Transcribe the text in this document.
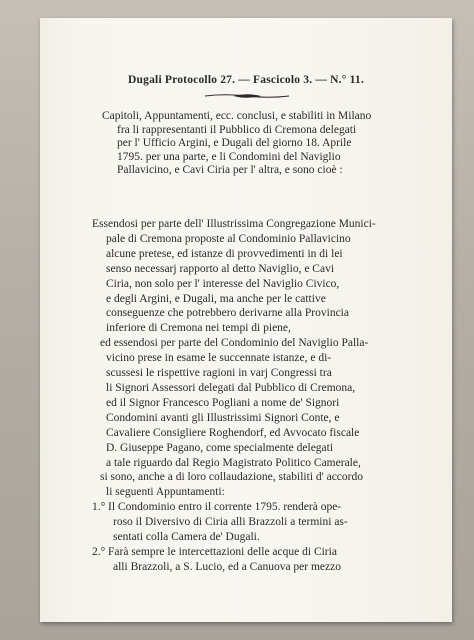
Dugali Protocollo 27. — Fascicolo 3. — N.° 11.
Capitoli, Appuntamenti, ecc. conclusi, e stabiliti in Milano
fra li rappresentanti il Pubblico di Cremona delegati
per l' Ufficio Argini, e Dugali del giorno 18. Aprile
1795. per una parte, e li Condomini del Naviglio
Pallavicino, e Cavi Ciria per l' altra, e sono cioè :
Essendosi per parte dell' Illustrissima Congregazione Munici-
pale di Cremona proposte al Condominio Pallavicino
alcune pretese, ed istanze di provvedimenti in di lei
senso necessarj rapporto al detto Naviglio, e Cavi
Ciria, non solo per l' interesse del Naviglio Civico,
e degli Argini, e Dugali, ma anche per le cattive
conseguenze che potrebbero derivarne alla Provincia
inferiore di Cremona nei tempi di piene,
ed essendosi per parte del Condominio del Naviglio Palla-
vicino prese in esame le succennate istanze, e di-
scussesi le rispettive ragioni in varj Congressi tra
li Signori Assessori delegati dal Pubblico di Cremona,
ed il Signor Francesco Pogliani a nome de' Signori
Condomini avanti gli Illustrissimi Signori Conte, e
Cavaliere Consigliere Roghendorf, ed Avvocato fiscale
D. Giuseppe Pagano, come specialmente delegati
a tale riguardo dal Regio Magistrato Politico Camerale,
si sono, anche a di loro collaudazione, stabiliti d' accordo
li seguenti Appuntamenti:
1.° Il Condominio entro il corrente 1795. renderà ope-
roso il Diversivo di Ciria alli Brazzoli a termini as-
sentati colla Camera de' Dugali.
2.° Farà sempre le intercettazioni delle acque di Ciria
alli Brazzoli, a S. Lucio, ed a Canuova per mezzo
